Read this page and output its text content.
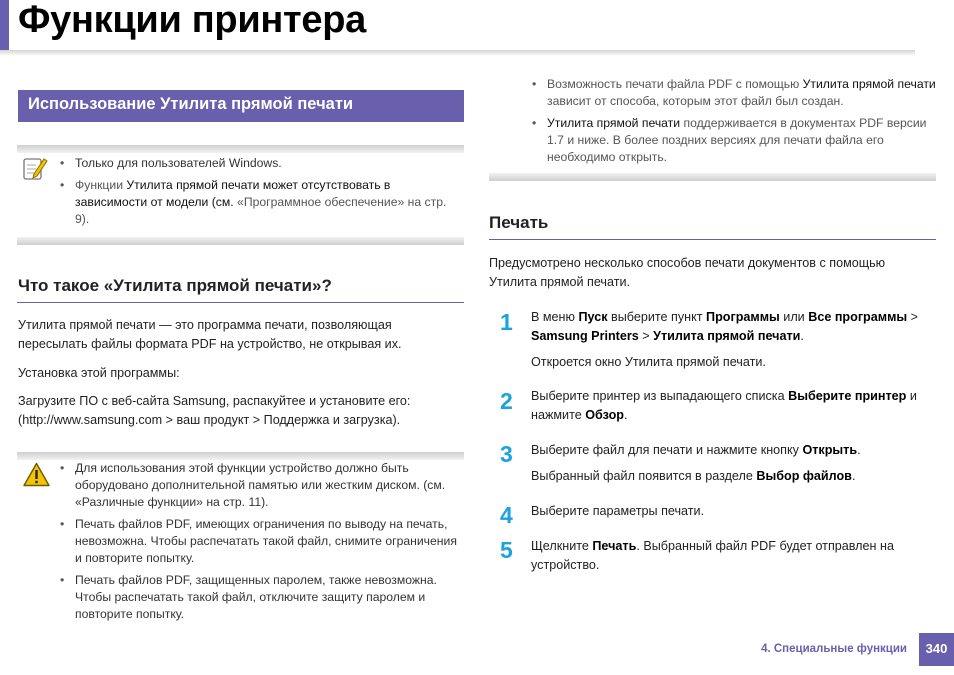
Функции принтера
Использование Утилита прямой печати
• Только для пользователей Windows.
• Функции Утилита прямой печати может отсутствовать в зависимости от модели (см. «Программное обеспечение» на стр. 9).
Что такое «Утилита прямой печати»?

Утилита прямой печати — это программа печати, позволяющая пересылать файлы формата PDF на устройство, не открывая их.

Установка этой программы:

Загрузите ПО с веб-сайта Samsung, распакуйтее и установите его: (http://www.samsung.com > ваш продукт > Поддержка и загрузка).

• Для использования этой функции устройство должно быть оборудовано дополнительной памятью или жестким диском. (см. «Различные функции» на стр. 11).
• Печать файлов PDF, имеющих ограничения по выводу на печать, невозможна. Чтобы распечатать такой файл, снимите ограничения и повторите попытку.
• Печать файлов PDF, защищенных паролем, также невозможна. Чтобы распечатать такой файл, отключите защиту паролем и повторите попытку.
• Возможность печати файла PDF с помощью Утилита прямой печати зависит от способа, которым этот файл был создан.
• Утилита прямой печати поддерживается в документах PDF версии 1.7 и ниже. В более поздних версиях для печати файла его необходимо открыть.
Печать

Предусмотрено несколько способов печати документов с помощью Утилита прямой печати.

1 В меню Пуск выберите пункт Программы или Все программы > Samsung Printers > Утилита прямой печати.

Откроется окно Утилита прямой печати.

2 Выберите принтер из выпадающего списка Выберите принтер и нажмите Обзор.

3 Выберите файл для печати и нажмите кнопку Открыть.

Выбранный файл появится в разделе Выбор файлов.

4 Выберите параметры печати.

5 Щелкните Печать. Выбранный файл PDF будет отправлен на устройство.

4. Специальные функции	340
